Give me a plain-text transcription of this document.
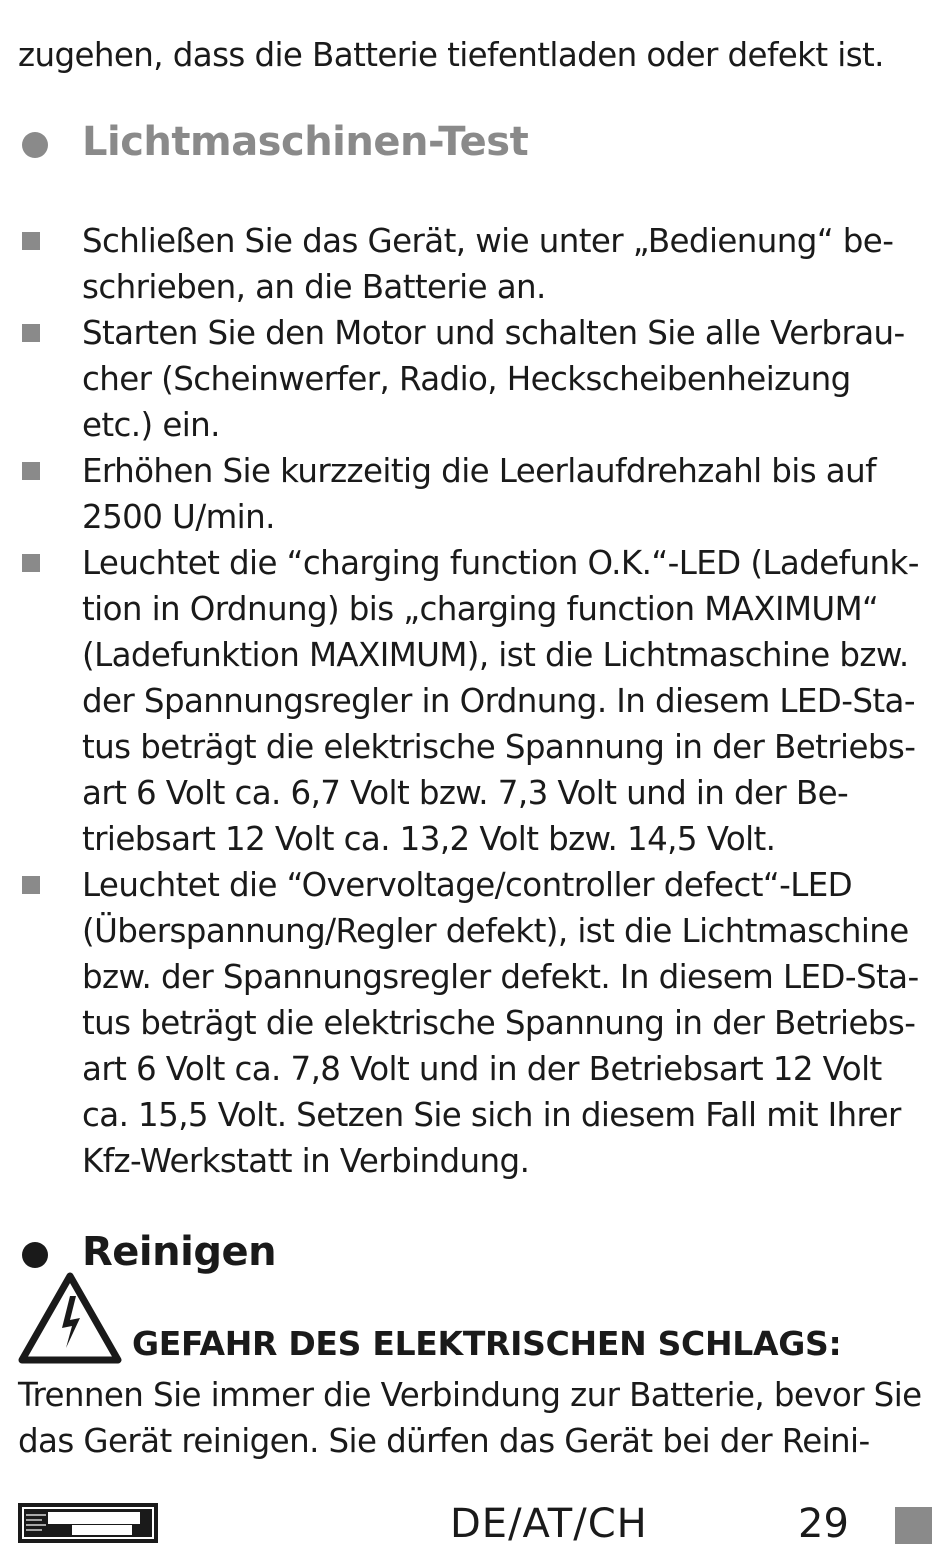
zugehen, dass die Batterie tiefentladen oder defekt ist.

Lichtmaschinen-Test
Schließen Sie das Gerät, wie unter „Bedienung“ be-
schrieben, an die Batterie an.
Starten Sie den Motor und schalten Sie alle Verbrau-
cher (Scheinwerfer, Radio, Heckscheibenheizung
etc.) ein.
Erhöhen Sie kurzzeitig die Leerlaufdrehzahl bis auf
2500 U/min.
Leuchtet die “charging function O.K.“-LED (Ladefunk-
tion in Ordnung) bis „charging function MAXIMUM“
(Ladefunktion MAXIMUM), ist die Lichtmaschine bzw.
der Spannungsregler in Ordnung. In diesem LED-Sta-
tus beträgt die elektrische Spannung in der Betriebs-
art 6 Volt ca. 6,7 Volt bzw. 7,3 Volt und in der Be-
triebsart 12 Volt ca. 13,2 Volt bzw. 14,5 Volt.
Leuchtet die “Overvoltage/controller defect“-LED
(Überspannung/Regler defekt), ist die Lichtmaschine
bzw. der Spannungsregler defekt. In diesem LED-Sta-
tus beträgt die elektrische Spannung in der Betriebs-
art 6 Volt ca. 7,8 Volt und in der Betriebsart 12 Volt
ca. 15,5 Volt. Setzen Sie sich in diesem Fall mit Ihrer
Kfz-Werkstatt in Verbindung.
Reinigen
GEFAHR DES ELEKTRISCHEN SCHLAGS:
Trennen Sie immer die Verbindung zur Batterie, bevor Sie
das Gerät reinigen. Sie dürfen das Gerät bei der Reini-
DE/AT/CH	29
